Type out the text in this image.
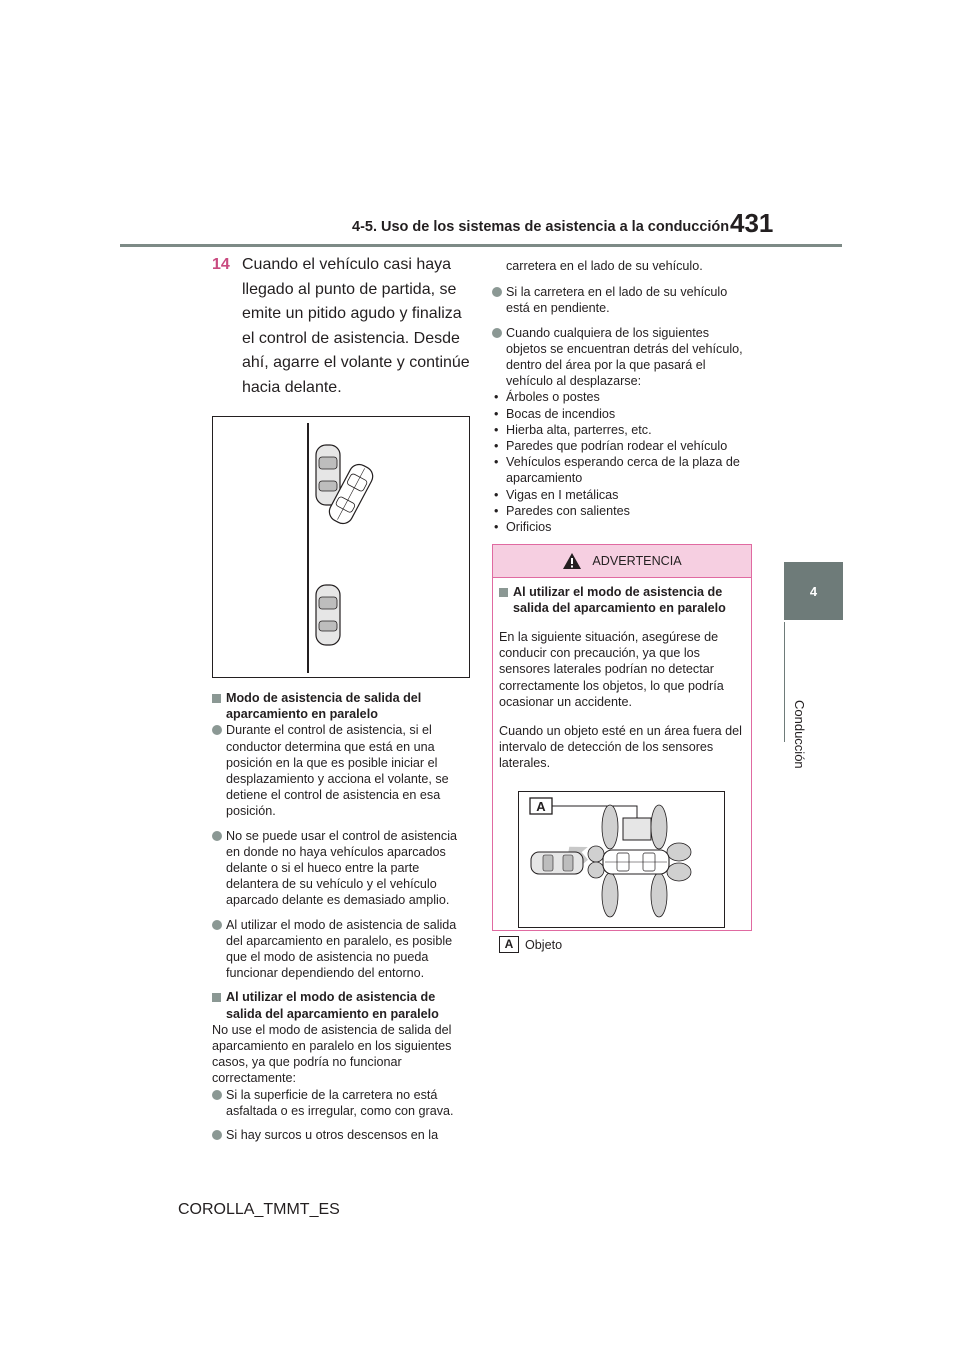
4-5. Uso de los sistemas de asistencia a la conducción 431
4
Conducción
14 Cuando el vehículo casi haya llegado al punto de partida, se emite un pitido agudo y finaliza el control de asistencia. Desde ahí, agarre el volante y continúe hacia delante.

Modo de asistencia de salida del aparcamiento en paralelo

Durante el control de asistencia, si el conductor determina que está en una posición en la que es posible iniciar el desplazamiento y acciona el volante, se detiene el control de asistencia en esa posición.
No se puede usar el control de asistencia en donde no haya vehículos aparcados delante o si el hueco entre la parte delantera de su vehículo y el vehículo aparcado delante es demasiado amplio.
Al utilizar el modo de asistencia de salida del aparcamiento en paralelo, es posible que el modo de asistencia no pueda funcionar dependiendo del entorno.

Al utilizar el modo de asistencia de salida del aparcamiento en paralelo

No use el modo de asistencia de salida del aparcamiento en paralelo en los siguientes casos, ya que podría no funcionar correctamente:

Si la superficie de la carretera no está asfaltada o es irregular, como con grava.
Si hay surcos u otros descensos en la
carretera en el lado de su vehículo.
Si la carretera en el lado de su vehículo está en pendiente.
Cuando cualquiera de los siguientes objetos se encuentran detrás del vehículo, dentro del área por la que pasará el vehículo al desplazarse:
• Árboles o postes
• Bocas de incendios
• Hierba alta, parterres, etc.
• Paredes que podrían rodear el vehículo
• Vehículos esperando cerca de la plaza de aparcamiento
• Vigas en I metálicas
• Paredes con salientes
• Orificios
ADVERTENCIA

Al utilizar el modo de asistencia de salida del aparcamiento en paralelo

En la siguiente situación, asegúrese de conducir con precaución, ya que los sensores laterales podrían no detectar correctamente los objetos, lo que podría ocasionar un accidente.

Cuando un objeto esté en un área fuera del intervalo de detección de los sensores laterales.

A
A Objeto
COROLLA_TMMT_ES
